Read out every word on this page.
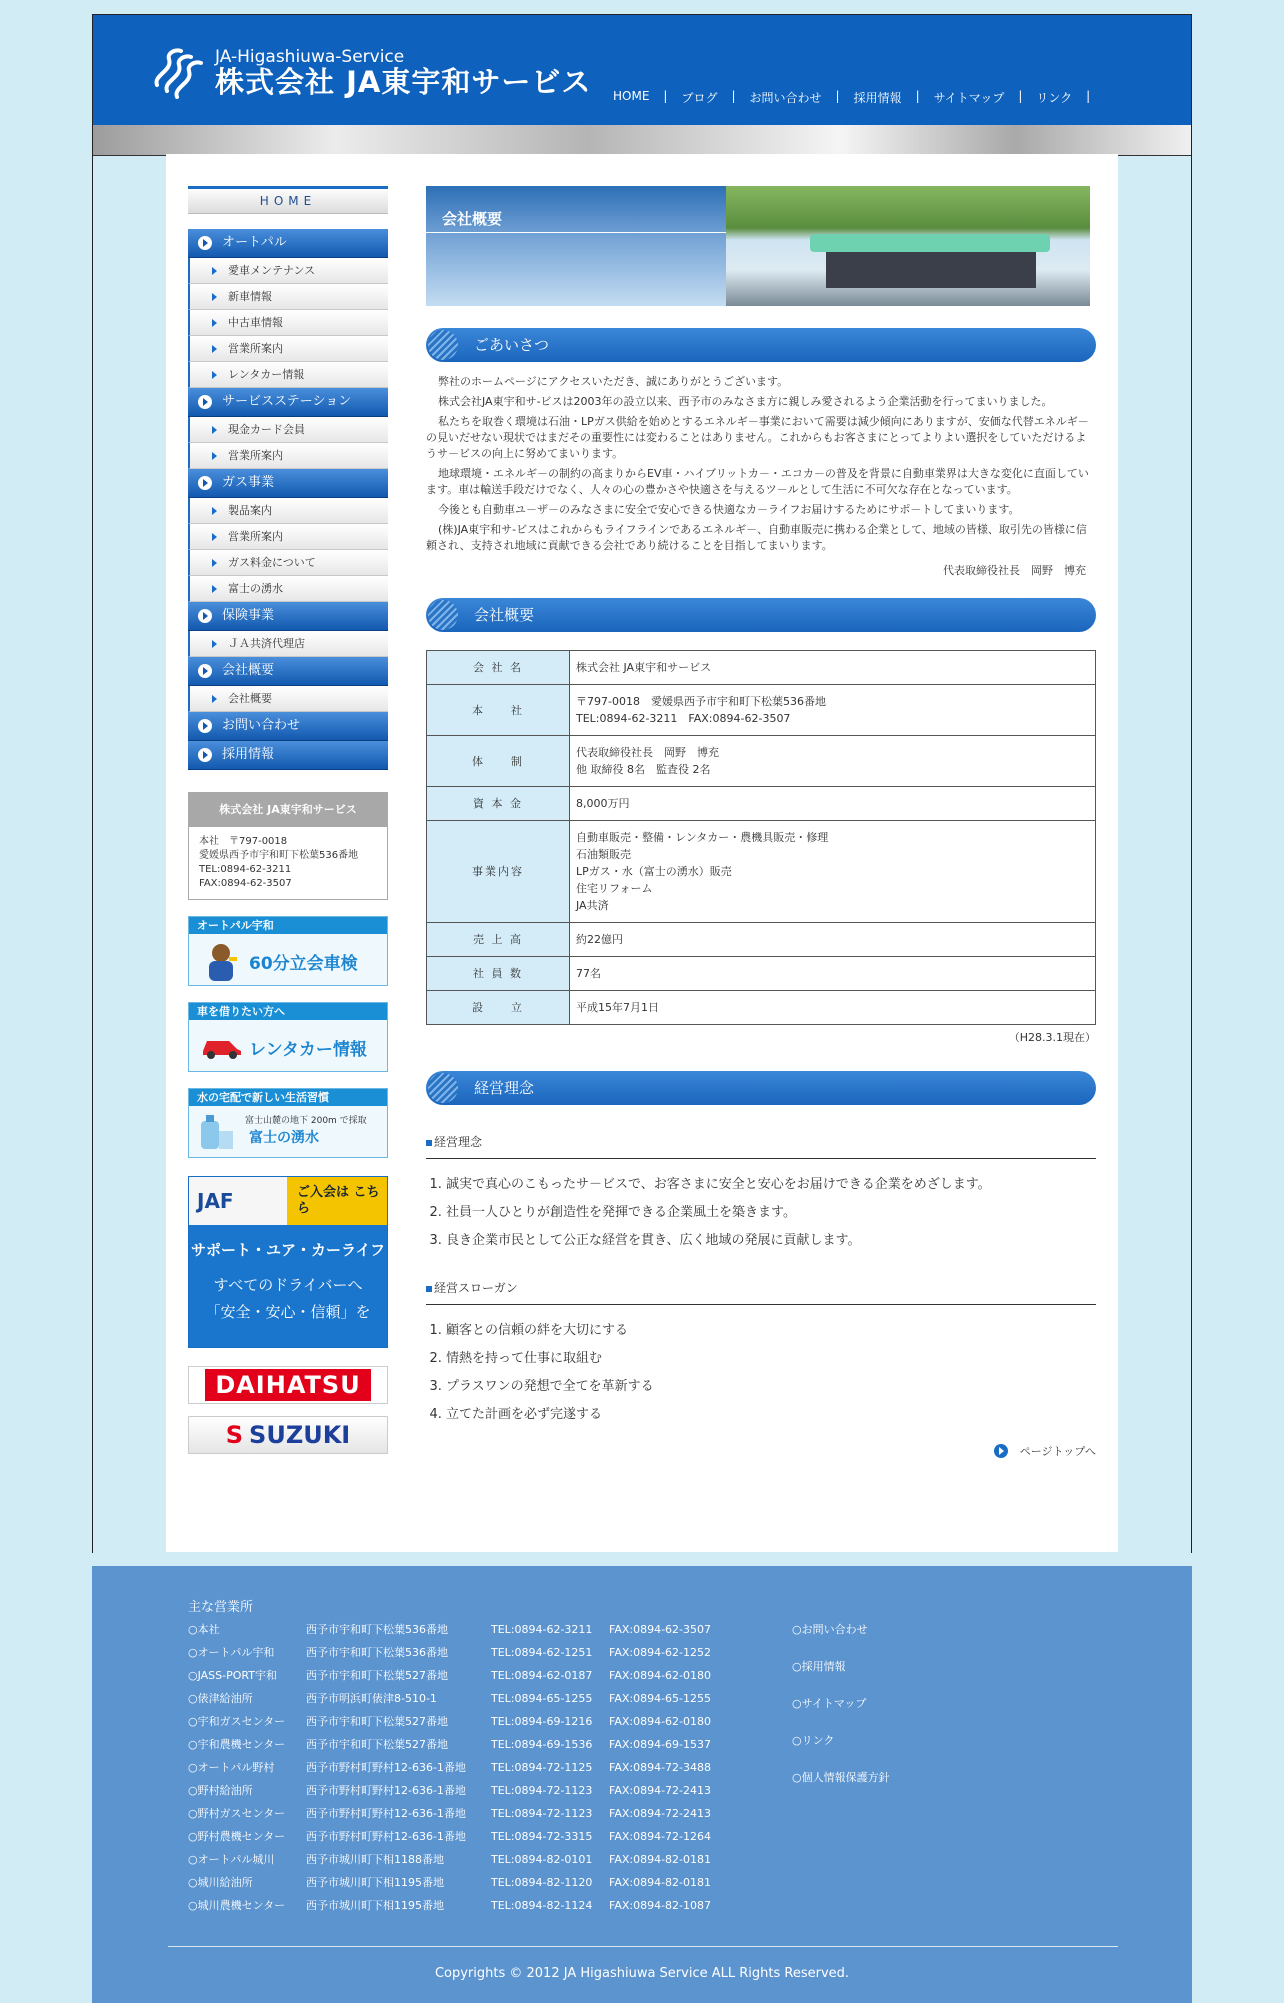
JA-Higashiuwa-Service
株式会社 JA東宇和サービス HOME | ブログ | お問い合わせ | 採用情報 | サイトマップ | リンク |
HOME
オートパル
愛車メンテナンス
新車情報
中古車情報
営業所案内
レンタカー情報
サービスステーション
現金カード会員
営業所案内
ガス事業
製品案内
営業所案内
ガス料金について
富士の湧水
保険事業
ＪＡ共済代理店
会社概要
会社概要
お問い合わせ
採用情報
株式会社 JA東宇和サービス
本社　〒797-0018
愛媛県西予市宇和町下松葉536番地
TEL:0894-62-3211
FAX:0894-62-3507
オートパル宇和
60分立会車検
車を借りたい方へ
レンタカー情報
水の宅配で新しい生活習慣
富士山麓の地下 200m で採取
富士の湧水
JAF	ご入会は こちら
サポート・ユア・カーライフ
すべてのドライバーへ
「安全・安心・信頼」を
DAIHATSU
S SUZUKI
会社概要
ごあいさつ

弊社のホームページにアクセスいただき、誠にありがとうございます。

株式会社JA東宇和サ-ビスは2003年の設立以来、西予市のみなさま方に親しみ愛されるよう企業活動を行ってまいりました。

私たちを取巻く環境は石油・LPガス供給を始めとするエネルギ－事業において需要は減少傾向にありますが、安価な代替エネルギ－の見いだせない現状ではまだその重要性には変わることはありません。これからもお客さまにとってよりよい選択をしていただけるようサ－ビスの向上に努めてまいります。

地球環境・エネルギ－の制約の高まりからEV車・ハイブリットカ－・エコカ－の普及を背景に自動車業界は大きな変化に直面しています。車は輸送手段だけでなく、人々の心の豊かさや快適さを与えるツ－ルとして生活に不可欠な存在となっています。

今後とも自動車ユ－ザ－のみなさまに安全で安心できる快適なカ－ライフお届けするためにサポ－トしてまいります。

(株)JA東宇和サ-ビスはこれからもライフラインであるエネルギ－、自動車販売に携わる企業として、地域の皆様、取引先の皆様に信頼され、支持され地域に貢献できる会社であり続けることを目指してまいります。

代表取締役社長　岡野　博充
会社概要
会 社 名	株式会社 JA東宇和サービス

本　　社	〒797-0018　愛媛県西予市宇和町下松葉536番地
TEL:0894-62-3211　FAX:0894-62-3507

体　　制	代表取締役社長　岡野　博充
他 取締役 8名　監査役 2名

資 本 金	8,000万円

事業内容	自動車販売・整備・レンタカー・農機具販売・修理
石油類販売
LPガス・水（富士の湧水）販売
住宅リフォーム
JA共済

売 上 高	約22億円

社 員 数	77名

設　　立	平成15年7月1日
（H28.3.1現在）
経営理念
経営理念
1. 誠実で真心のこもったサ－ビスで、お客さまに安全と安心をお届けできる企業をめざします。
2. 社員一人ひとりが創造性を発揮できる企業風土を築きます。
3. 良き企業市民として公正な経営を貫き、広く地域の発展に貢献します。
経営スローガン
1. 顧客との信頼の絆を大切にする
2. 情熱を持って仕事に取組む
3. プラスワンの発想で全てを革新する
4. 立てた計画を必ず完遂する
ページトップへ
主な営業所
○本社	西予市宇和町下松葉536番地	TEL:0894-62-3211	FAX:0894-62-3507
○オートパル宇和	西予市宇和町下松葉536番地	TEL:0894-62-1251	FAX:0894-62-1252
○JASS-PORT宇和	西予市宇和町下松葉527番地	TEL:0894-62-0187	FAX:0894-62-0180
○俵津給油所	西予市明浜町俵津8-510-1	TEL:0894-65-1255	FAX:0894-65-1255
○宇和ガスセンター	西予市宇和町下松葉527番地	TEL:0894-69-1216	FAX:0894-62-0180
○宇和農機センター	西予市宇和町下松葉527番地	TEL:0894-69-1536	FAX:0894-69-1537
○オートパル野村	西予市野村町野村12-636-1番地	TEL:0894-72-1125	FAX:0894-72-3488
○野村給油所	西予市野村町野村12-636-1番地	TEL:0894-72-1123	FAX:0894-72-2413
○野村ガスセンター	西予市野村町野村12-636-1番地	TEL:0894-72-1123	FAX:0894-72-2413
○野村農機センター	西予市野村町野村12-636-1番地	TEL:0894-72-3315	FAX:0894-72-1264
○オートパル城川	西予市城川町下相1188番地	TEL:0894-82-0101	FAX:0894-82-0181
○城川給油所	西予市城川町下相1195番地	TEL:0894-82-1120	FAX:0894-82-0181
○城川農機センター	西予市城川町下相1195番地	TEL:0894-82-1124	FAX:0894-82-1087
○お問い合わせ
○採用情報
○サイトマップ
○リンク
○個人情報保護方針
Copyrights © 2012 JA Higashiuwa Service ALL Rights Reserved.
